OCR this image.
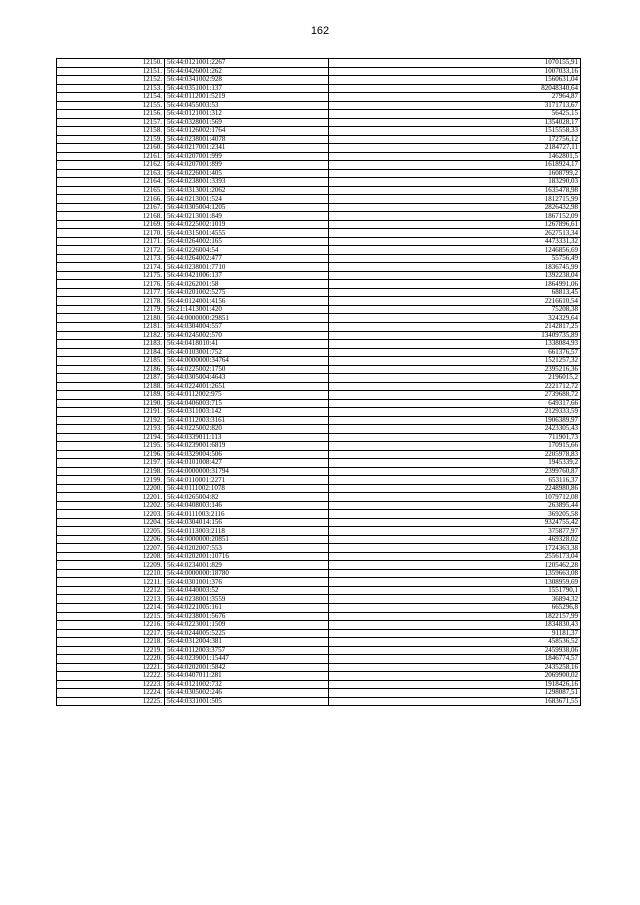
162
12150.	56:44:0121001:2267	1070155,91
12151.	56:44:0426001:262	1007033,16
12152.	56:44:0341002:928	1560631,04
12153.	56:44:0351001:137	82048340,64
12154.	56:44:0112001:5219	27964,87
12155.	56:44:0455003:53	3171713,67
12156.	56:44:0121001:312	56425,15
12157.	56:44:0328001:569	1354028,17
12158.	56:44:0126002:1764	1515558,33
12159.	56:44:0238001:4078	172756,12
12160.	56:44:0217001:2341	2184727,11
12161.	56:44:0207001:999	1462801,5
12162.	56:44:0207001:899	1618924,17
12163.	56:44:0226001:405	1608799,2
12164.	56:44:0238001:3393	183290,03
12165.	56:44:0313001:2062	1635478,98
12166.	56:44:0213001:524	1812715,99
12167.	56:44:0305004:1205	2826432,98
12168.	56:44:0213001:849	1867152,09
12169.	56:44:0225002:1019	1267896,61
12170.	56:44:0315001:4555	2627513,34
12171.	56:44:0264002:165	4473331,32
12172.	56:44:0226004:54	1246856,69
12173.	56:44:0264002:477	55756,49
12174.	56:44:0238001:7710	1836745,99
12175.	56:44:0421006:137	1392238,04
12176.	56:44:0262001:58	1864991,06
12177.	56:44:0201002:5275	68813,45
12178.	56:44:0124001:4156	2216610,54
12179.	56:21:1413001:420	75208,38
12180.	56:44:0000000:29851	324329,64
12181.	56:44:0304004:557	2142817,25
12182.	56:44:0245002:570	13409735,89
12183.	56:44:0418010:41	1338084,93
12184.	56:44:0103001:752	661376,57
12185.	56:44:0000000:34764	1521257,32
12186.	56:44:0225002:1750	2395216,36
12187.	56:44:0305004:4643	2196015,2
12188.	56:44:0224001:2651	2221712,72
12189.	56:44:0112002:975	2739688,72
12190.	56:44:0406003:715	649317,66
12191.	56:44:0311003:142	2129333,59
12192.	56:44:0112003:3161	1906389,97
12193.	56:44:0225002:820	2423305,43
12194.	56:44:0339011:113	711901,73
12195.	56:44:0239001:6819	170915,66
12196.	56:44:0329004:506	2205978,83
12197.	56:44:0101008:427	1945339,2
12198.	56:44:0000000:31794	2399760,87
12199.	56:44:0110001:2271	653116,37
12200.	56:44:0111002:1078	2248980,86
12201.	56:44:0265004:82	1079712,08
12202.	56:44:0408003:146	263895,44
12203.	56:44:0111003:2116	369205,58
12204.	56:44:0304014:156	9324755,42
12205.	56:44:0113003:2118	375877,97
12206.	56:44:0000000:20851	469328,02
12207.	56:44:0202007:553	1724363,38
12208.	56:44:0202001:10716	2556173,04
12209.	56:44:0234001:829	1205462,28
12210.	56:44:0000000:18780	1359663,08
12211.	56:44:0301001:376	1308959,69
12212.	56:44:0440003:52	1551790,1
12213.	56:44:0238001:3559	36894,32
12214.	56:44:0221005:161	665296,8
12215.	56:44:0238001:5676	1822157,99
12216.	56:44:0223001:1509	1834830,43
12217.	56:44:0244005:5225	91181,37
12218.	56:44:0312004:381	458536,52
12219.	56:44:0112003:3757	2459938,06
12220.	56:44:0239001:15447	1846774,57
12221.	56:44:0202001:5842	2435258,16
12222.	56:44:0407011:281	2069900,02
12223.	56:44:0121002:732	1918426,16
12224.	56:44:0305002:246	1298087,51
12225.	56:44:0331001:505	1683671,55
